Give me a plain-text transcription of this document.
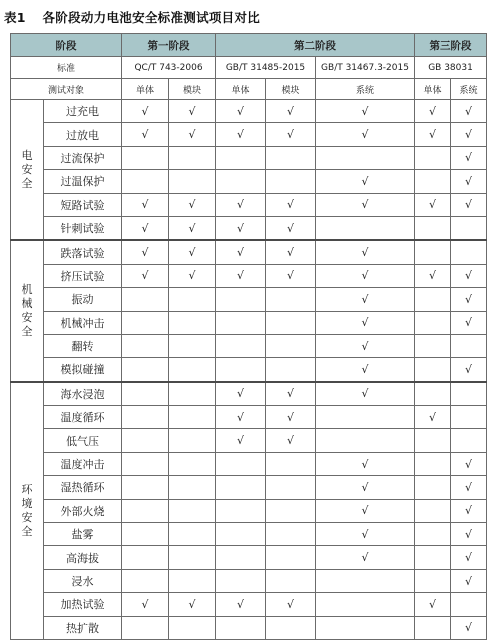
表1 各阶段动力电池安全标准测试项目对比
阶段		第一阶段		第二阶段			第三阶段	
标准		QC/T 743-2006		GB/T 31485-2015		GB/T 31467.3-2015	GB 38031	
测试对象		单体	模块	单体	模块	系统	单体	系统

电
安
全	过充电	√	√	√	√	√	√	√
	过放电	√	√	√	√	√	√	√
	过流保护							√
	过温保护					√		√
	短路试验	√	√	√	√	√	√	√
	针刺试验	√	√	√	√			

机
械
安
全	跌落试验	√	√	√	√	√		
	挤压试验	√	√	√	√	√	√	√
	振动					√		√
	机械冲击					√		√
	翻转					√		
	模拟碰撞					√		√

环
境
安
全	海水浸泡			√	√	√		
	温度循环			√	√		√	
	低气压			√	√			
	温度冲击					√		√
	湿热循环					√		√
	外部火烧					√		√
	盐雾					√		√
	高海拔					√		√
	浸水							√
	加热试验	√	√	√	√		√	
	热扩散							√
